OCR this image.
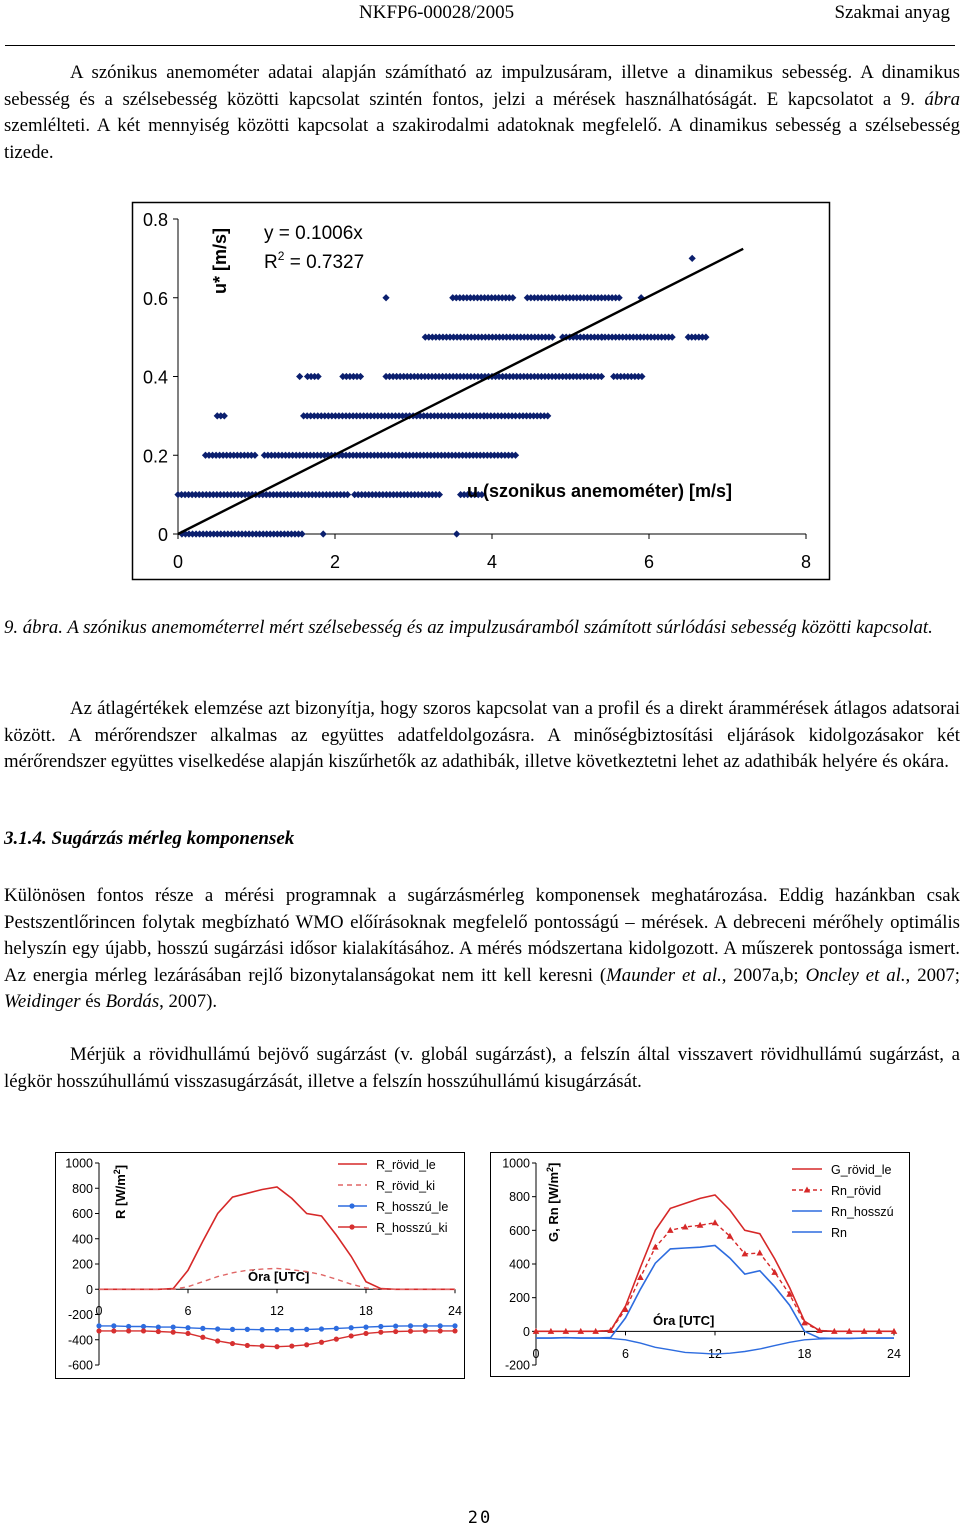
NKFP6-00028/2005	Szakmai anyag

A szónikus anemométer adatai alapján számítható az impulzusáram, illetve a dinamikus sebesség. A dinamikus sebesség és a szélsebesség közötti kapcsolat szintén fontos, jelzi a mérések használhatóságát. E kapcsolatot a 9. ábra szemlélteti. A két mennyiség közötti kapcsolat a szakirodalmi adatoknak megfelelő. A dinamikus sebesség a szélsebesség tizede.

0
0.2
0.4
0.6
0.8
0	2	4	6	8
y = 0.1006x
$R^2 = 0.7327$
u* [m/s]
u (szonikus anemométer) [m/s]

9. ábra. A szónikus anemométerrel mért szélsebesség és az impulzusáramból számított súrlódási sebesség közötti kapcsolat.

Az átlagértékek elemzése azt bizonyítja, hogy szoros kapcsolat van a profil és a direkt árammérések átlagos adatsorai között. A mérőrendszer alkalmas az együttes adatfeldolgozásra. A minőségbiztosítási eljárások kidolgozásakor két mérőrendszer együttes viselkedése alapján kiszűrhetők az adathibák, illetve következtetni lehet az adathibák helyére és okára.

3.1.4. Sugárzás mérleg komponensek

Különösen fontos része a mérési programnak a sugárzásmérleg komponensek meghatározása. Eddig hazánkban csak Pestszentlőrincen folytak megbízható WMO előírásoknak megfelelő pontosságú – mérések. A debreceni mérőhely optimális helyszín egy újabb, hosszú sugárzási idősor kialakításához. A mérés módszertana kidolgozott. A műszerek pontossága ismert. Az energia mérleg lezárásában rejlő bizonytalanságokat nem itt kell keresni (Maunder et al., 2007a,b; Oncley et al., 2007; Weidinger és Bordás, 2007).

Mérjük a rövidhullámú bejövő sugárzást (v. globál sugárzást), a felszín által visszavert rövidhullámú sugárzást, a légkör hosszúhullámú visszasugárzását, illetve a felszín hosszúhullámú kisugárzását.

1000
800
600
400
200
0
-200
-400
-600
0	6	12	18	24
R $[W/m^2]$
Óra [UTC]
R_rövid_le
R_rövid_ki
R_hosszú_le
R_hosszú_ki
1000
800
600
400
200
0
-200
0	6	12	18	24
G, Rn $[W/m^2]$
Óra [UTC]
G_rövid_le
Rn_rövid
Rn_hosszú
Rn
20
